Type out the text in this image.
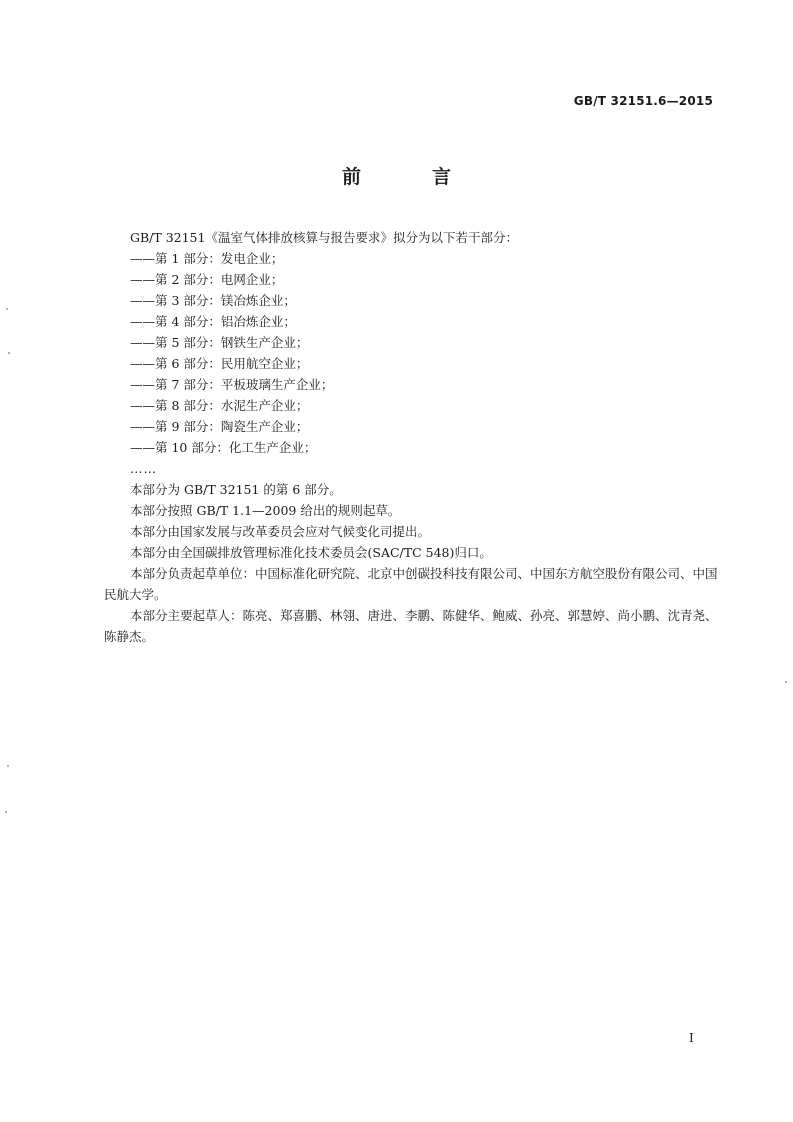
GB/T 32151.6—2015
前　言

GB/T 32151《温室气体排放核算与报告要求》拟分为以下若干部分：

——第 1 部分：发电企业；

——第 2 部分：电网企业；

——第 3 部分：镁冶炼企业；

——第 4 部分：铝冶炼企业；

——第 5 部分：钢铁生产企业；

——第 6 部分：民用航空企业；

——第 7 部分：平板玻璃生产企业；

——第 8 部分：水泥生产企业；

——第 9 部分：陶瓷生产企业；

——第 10 部分：化工生产企业；

……

本部分为 GB/T 32151 的第 6 部分。

本部分按照 GB/T 1.1—2009 给出的规则起草。

本部分由国家发展与改革委员会应对气候变化司提出。

本部分由全国碳排放管理标准化技术委员会(SAC/TC 548)归口。

本部分负责起草单位：中国标准化研究院、北京中创碳投科技有限公司、中国东方航空股份有限公司、中国民航大学。

本部分主要起草人：陈亮、郑喜鹏、林翎、唐进、李鹏、陈健华、鲍威、孙亮、郭慧婷、尚小鹏、沈青尧、陈静杰。

I
